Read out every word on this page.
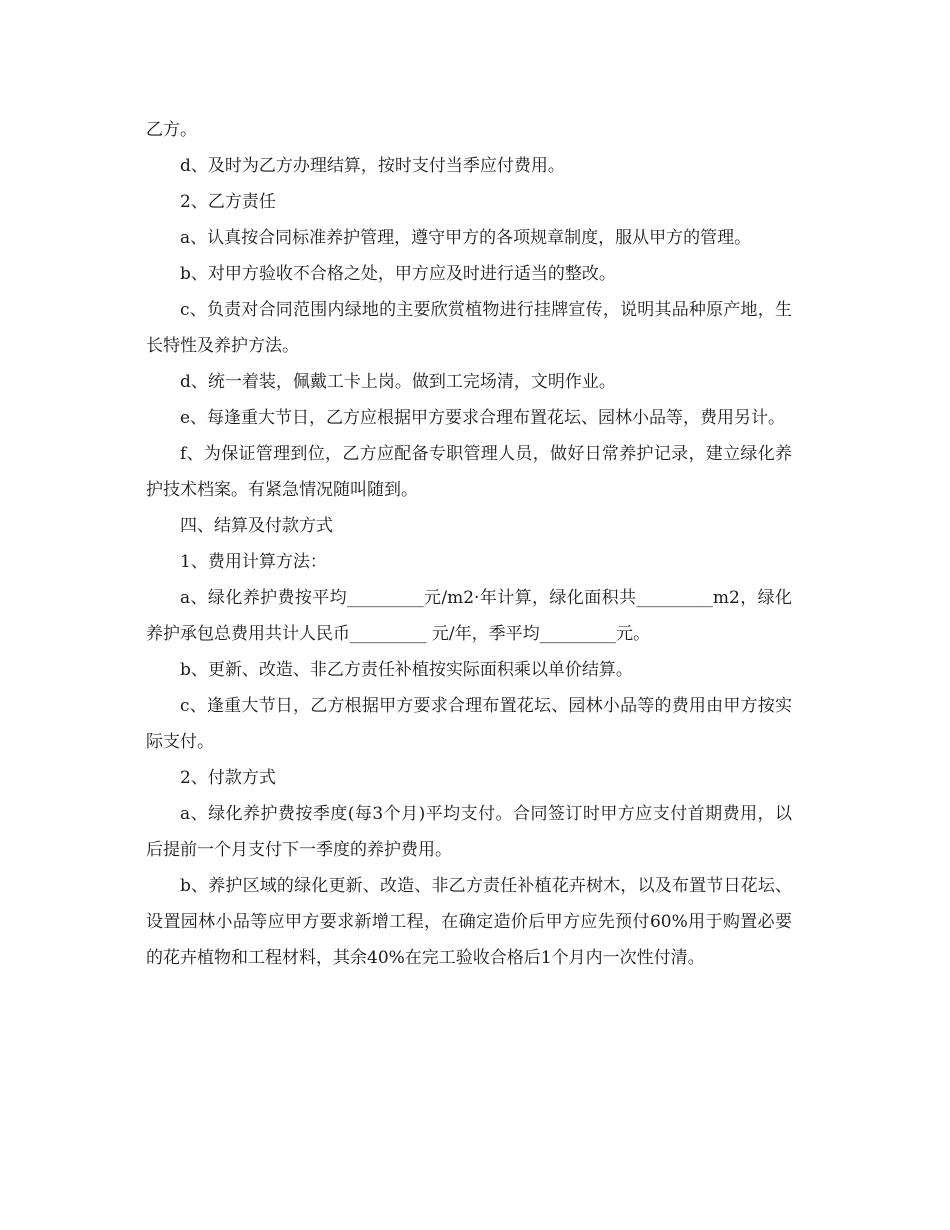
乙方。

d、及时为乙方办理结算，按时支付当季应付费用。

2、乙方责任

a、认真按合同标准养护管理，遵守甲方的各项规章制度，服从甲方的管理。

b、对甲方验收不合格之处，甲方应及时进行适当的整改。

c、负责对合同范围内绿地的主要欣赏植物进行挂牌宣传，说明其品种原产地，生长特性及养护方法。

d、统一着装，佩戴工卡上岗。做到工完场清，文明作业。

e、每逢重大节日，乙方应根据甲方要求合理布置花坛、园林小品等，费用另计。

f、为保证管理到位，乙方应配备专职管理人员，做好日常养护记录，建立绿化养护技术档案。有紧急情况随叫随到。

四、结算及付款方式

1、费用计算方法：

a、绿化养护费按平均_________元/m2·年计算，绿化面积共_________m2，绿化养护承包总费用共计人民币_________ 元/年，季平均_________元。

b、更新、改造、非乙方责任补植按实际面积乘以单价结算。

c、逢重大节日，乙方根据甲方要求合理布置花坛、园林小品等的费用由甲方按实际支付。

2、付款方式

a、绿化养护费按季度(每3个月)平均支付。合同签订时甲方应支付首期费用，以后提前一个月支付下一季度的养护费用。

b、养护区域的绿化更新、改造、非乙方责任补植花卉树木，以及布置节日花坛、设置园林小品等应甲方要求新增工程，在确定造价后甲方应先预付60%用于购置必要的花卉植物和工程材料，其余40%在完工验收合格后1个月内一次性付清。
